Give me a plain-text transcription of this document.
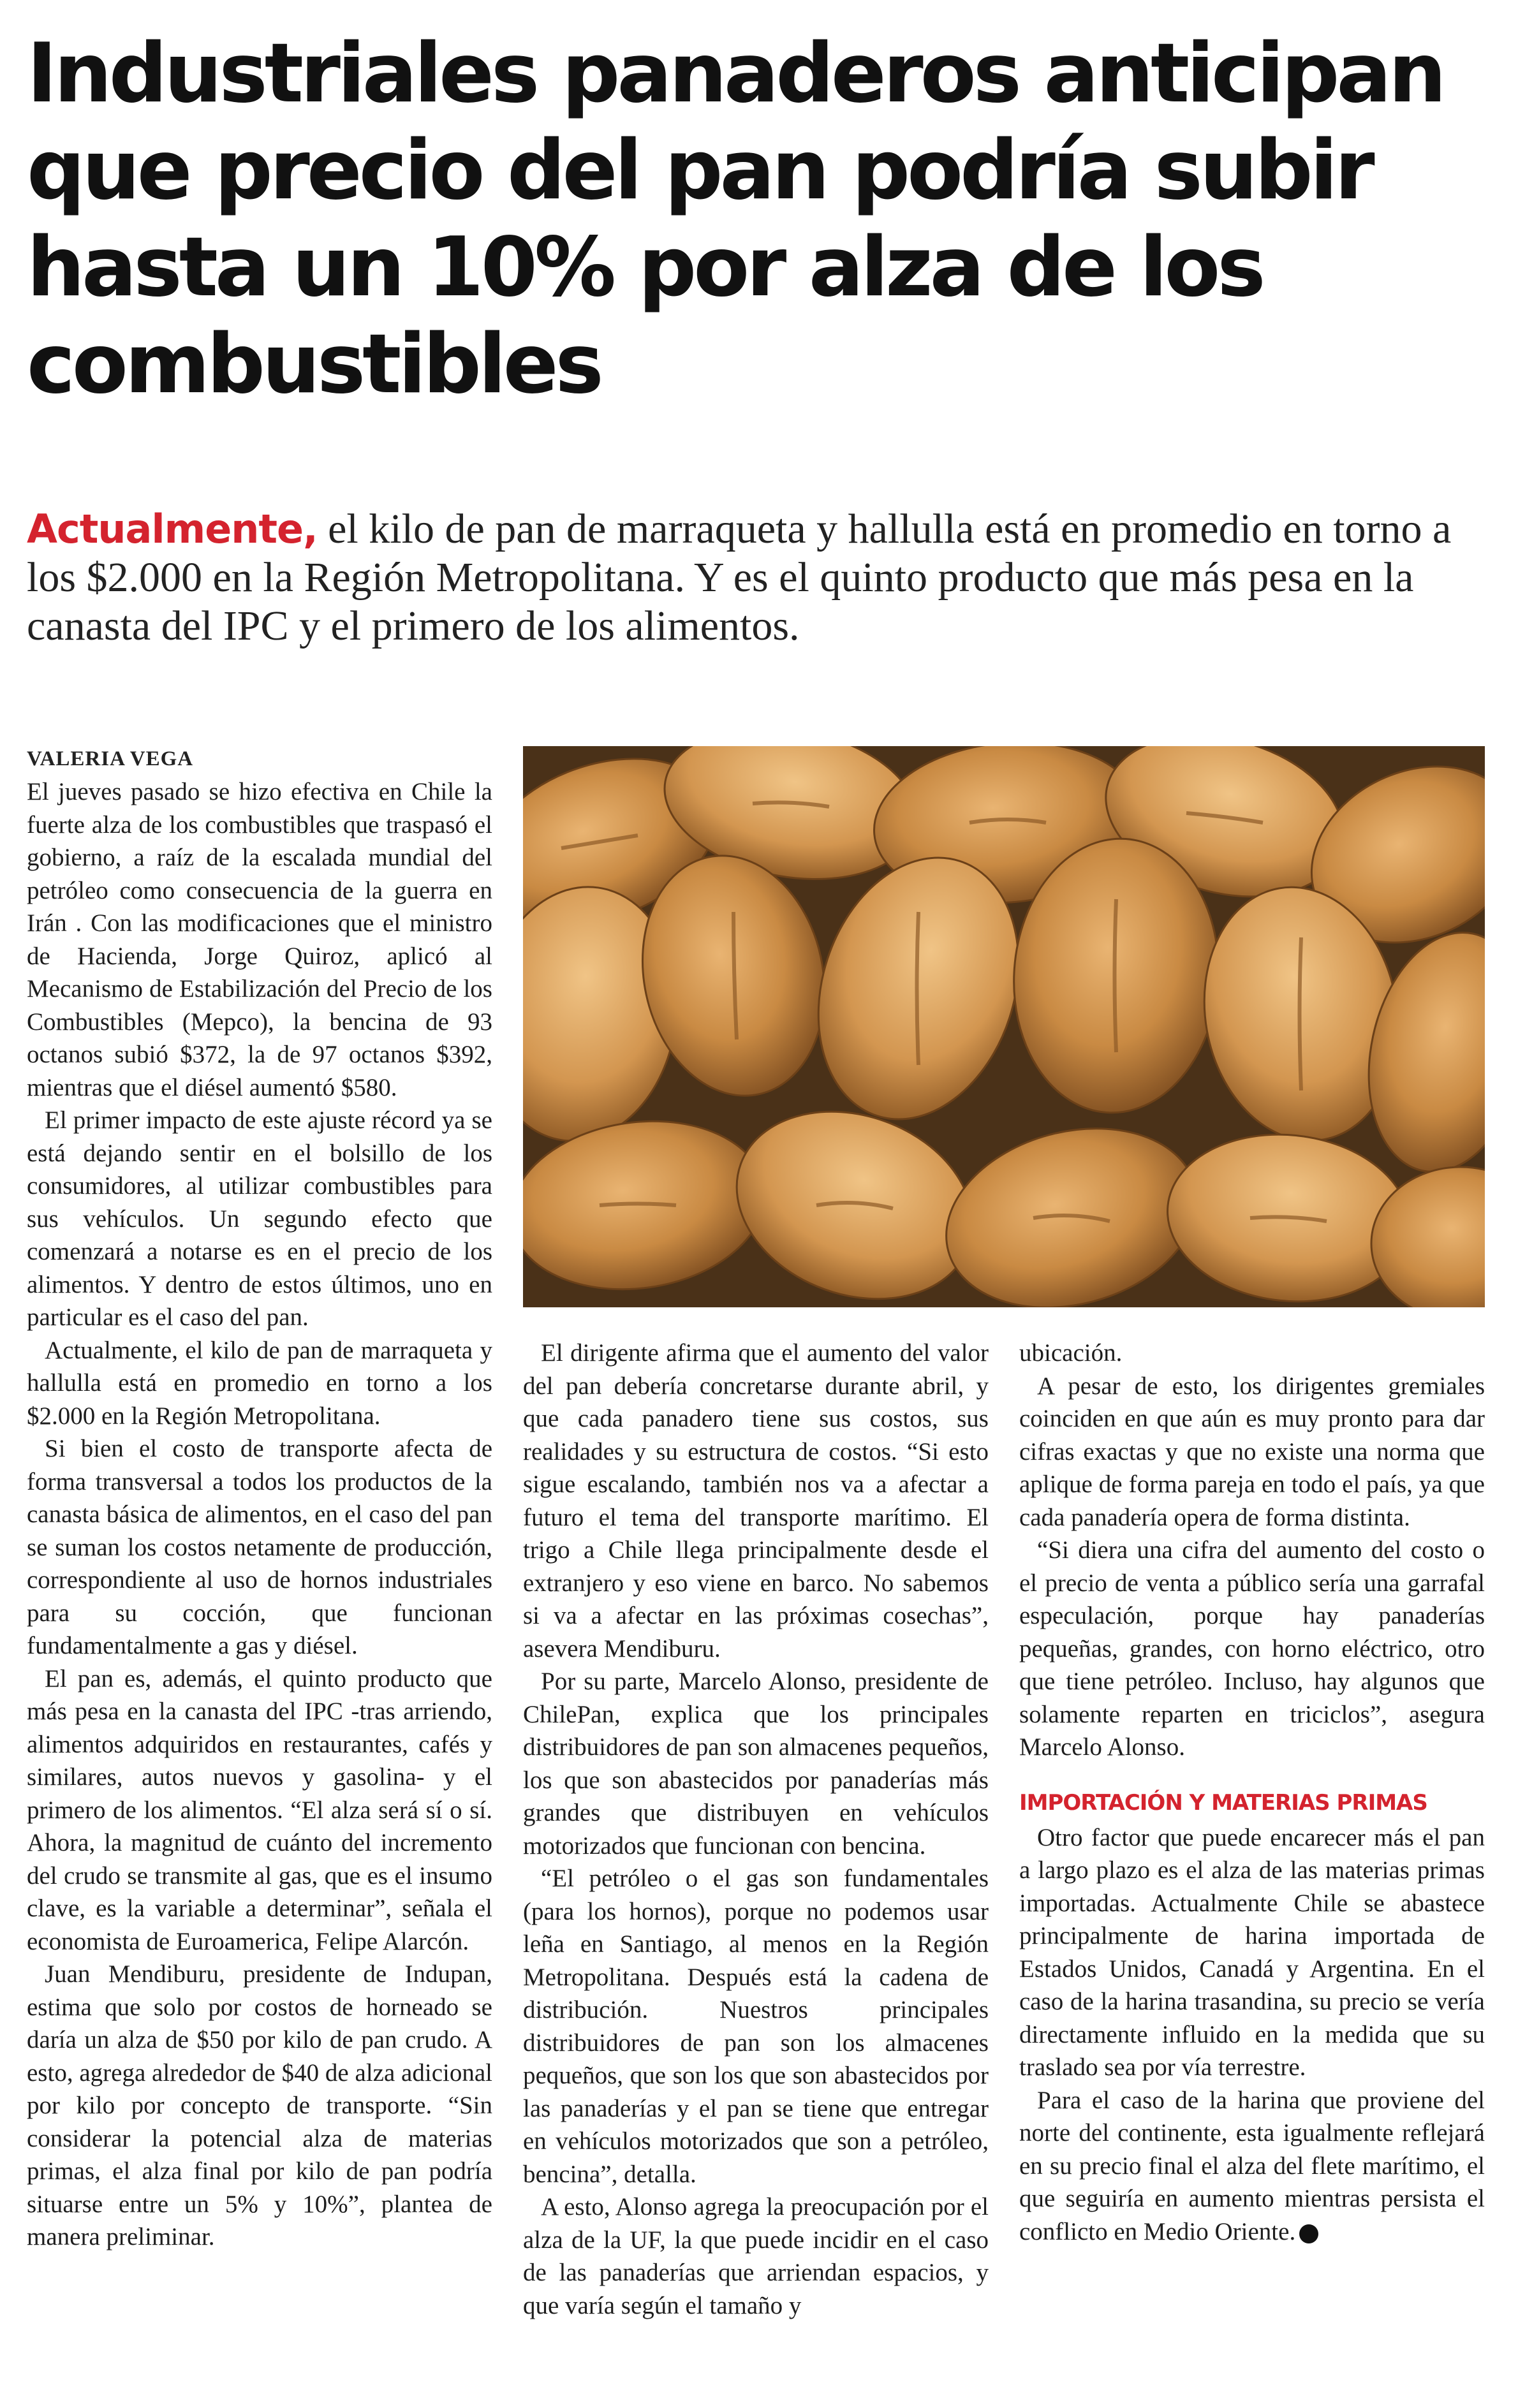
Industriales panaderos anticipan que precio del pan podría subir hasta un 10% por alza de los combustibles

Actualmente, el kilo de pan de marraqueta y hallulla está en promedio en torno a los $2.000 en la Región Metropolitana. Y es el quinto producto que más pesa en la canasta del IPC y el primero de los alimentos.

VALERIA VEGA

El jueves pasado se hizo efectiva en Chile la fuerte alza de los combustibles que traspasó el gobierno, a raíz de la escalada mundial del petróleo como consecuencia de la guerra en Irán . Con las modificaciones que el ministro de Hacienda, Jorge Quiroz, aplicó al Mecanismo de Estabilización del Precio de los Combustibles (Mepco), la bencina de 93 octanos subió $372, la de 97 octanos $392, mientras que el diésel aumentó $580.

El primer impacto de este ajuste récord ya se está dejando sentir en el bolsillo de los consumidores, al utilizar combustibles para sus vehículos. Un segundo efecto que comenzará a notarse es en el precio de los alimentos. Y dentro de estos últimos, uno en particular es el caso del pan.

Actualmente, el kilo de pan de marraqueta y hallulla está en promedio en torno a los $2.000 en la Región Metropolitana.

Si bien el costo de transporte afecta de forma transversal a todos los productos de la canasta básica de alimentos, en el caso del pan se suman los costos netamente de producción, correspondiente al uso de hornos industriales para su cocción, que funcionan fundamentalmente a gas y diésel.

El pan es, además, el quinto producto que más pesa en la canasta del IPC -tras arriendo, alimentos adquiridos en restaurantes, cafés y similares, autos nuevos y gasolina- y el primero de los alimentos. “El alza será sí o sí. Ahora, la magnitud de cuánto del incremento del crudo se transmite al gas, que es el insumo clave, es la variable a determinar”, señala el economista de Euroamerica, Felipe Alarcón.

Juan Mendiburu, presidente de Indupan, estima que solo por costos de horneado se daría un alza de $50 por kilo de pan crudo. A esto, agrega alrededor de $40 de alza adicional por kilo por concepto de transporte. “Sin considerar la potencial alza de materias primas, el alza final por kilo de pan podría situarse entre un 5% y 10%”, plantea de manera preliminar.

El dirigente afirma que el aumento del valor del pan debería concretarse durante abril, y que cada panadero tiene sus costos, sus realidades y su estructura de costos. “Si esto sigue escalando, también nos va a afectar a futuro el tema del transporte marítimo. El trigo a Chile llega principalmente desde el extranjero y eso viene en barco. No sabemos si va a afectar en las próximas cosechas”, asevera Mendiburu.

Por su parte, Marcelo Alonso, presidente de ChilePan, explica que los principales distribuidores de pan son almacenes pequeños, los que son abastecidos por panaderías más grandes que distribuyen en vehículos motorizados que funcionan con bencina.

“El petróleo o el gas son fundamentales (para los hornos), porque no podemos usar leña en Santiago, al menos en la Región Metropolitana. Después está la cadena de distribución. Nuestros principales distribuidores de pan son los almacenes pequeños, que son los que son abastecidos por las panaderías y el pan se tiene que entregar en vehículos motorizados que son a petróleo, bencina”, detalla.

A esto, Alonso agrega la preocupación por el alza de la UF, la que puede incidir en el caso de las panaderías que arriendan espacios, y que varía según el tamaño y

ubicación.

A pesar de esto, los dirigentes gremiales coinciden en que aún es muy pronto para dar cifras exactas y que no existe una norma que aplique de forma pareja en todo el país, ya que cada panadería opera de forma distinta.

“Si diera una cifra del aumento del costo o el precio de venta a público sería una garrafal especulación, porque hay panaderías pequeñas, grandes, con horno eléctrico, otro que tiene petróleo. Incluso, hay algunos que solamente reparten en triciclos”, asegura Marcelo Alonso.

IMPORTACIÓN Y MATERIAS PRIMAS

Otro factor que puede encarecer más el pan a largo plazo es el alza de las materias primas importadas. Actualmente Chile se abastece principalmente de harina importada de Estados Unidos, Canadá y Argentina. En el caso de la harina trasandina, su precio se vería directamente influido en la medida que su traslado sea por vía terrestre.

Para el caso de la harina que proviene del norte del continente, esta igualmente reflejará en su precio final el alza del flete marítimo, el que seguiría en aumento mientras persista el conflicto en Medio Oriente. P
